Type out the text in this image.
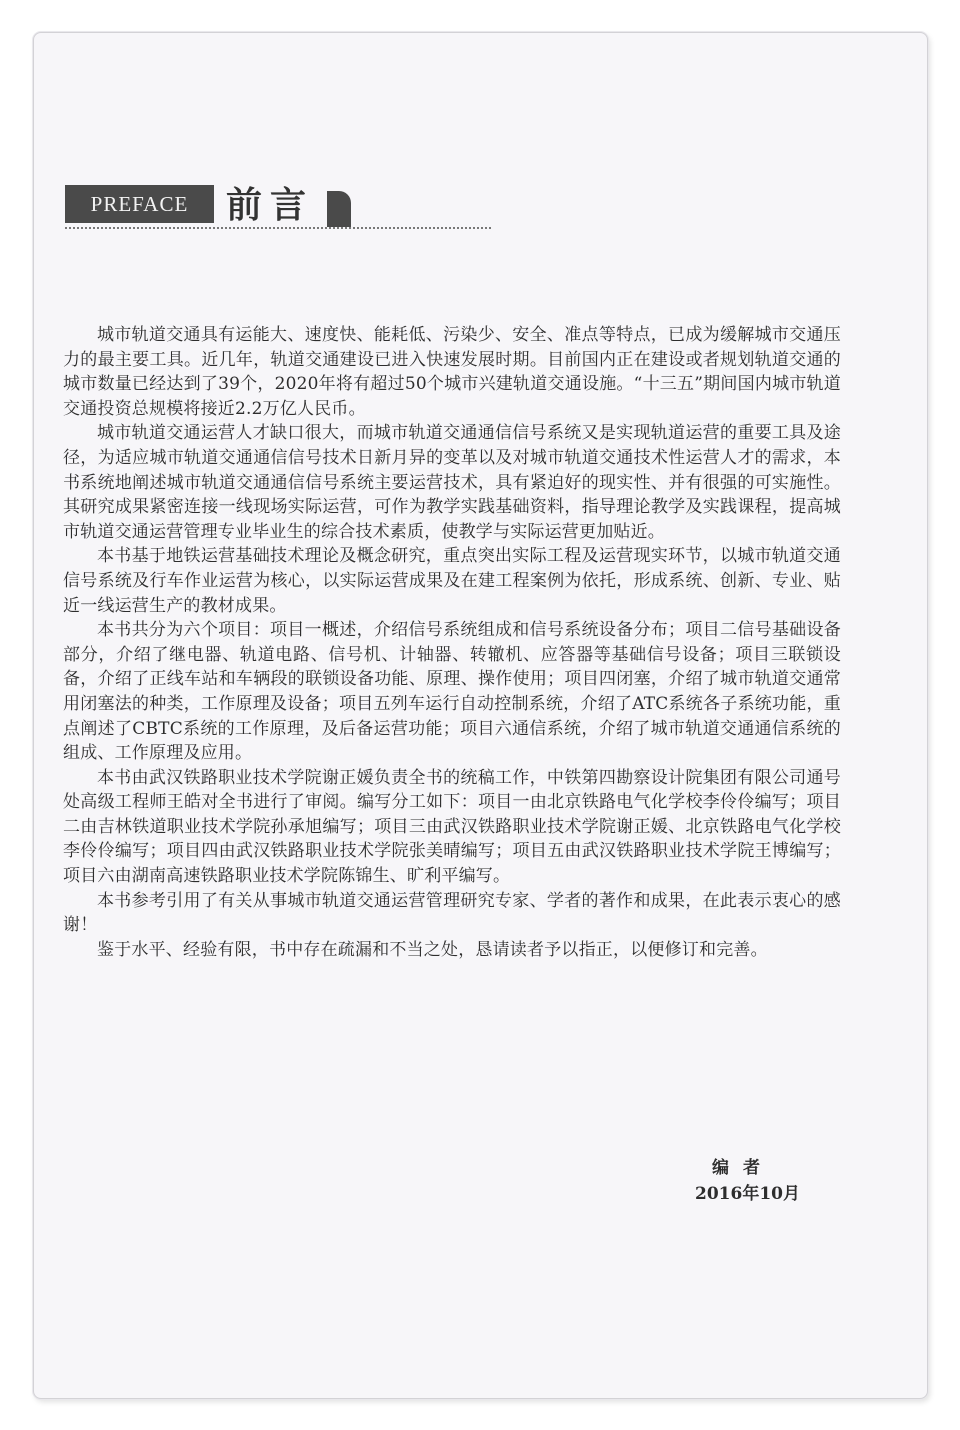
PREFACE	前言

城市轨道交通具有运能大、速度快、能耗低、污染少、安全、准点等特点，已成为缓解城市交通压力的最主要工具。近几年，轨道交通建设已进入快速发展时期。目前国内正在建设或者规划轨道交通的城市数量已经达到了39个，2020年将有超过50个城市兴建轨道交通设施。“十三五”期间国内城市轨道交通投资总规模将接近2.2万亿人民币。

城市轨道交通运营人才缺口很大，而城市轨道交通通信信号系统又是实现轨道运营的重要工具及途径，为适应城市轨道交通通信信号技术日新月异的变革以及对城市轨道交通技术性运营人才的需求，本书系统地阐述城市轨道交通通信信号系统主要运营技术，具有紧迫好的现实性、并有很强的可实施性。其研究成果紧密连接一线现场实际运营，可作为教学实践基础资料，指导理论教学及实践课程，提高城市轨道交通运营管理专业毕业生的综合技术素质，使教学与实际运营更加贴近。

本书基于地铁运营基础技术理论及概念研究，重点突出实际工程及运营现实环节，以城市轨道交通信号系统及行车作业运营为核心，以实际运营成果及在建工程案例为依托，形成系统、创新、专业、贴近一线运营生产的教材成果。

本书共分为六个项目：项目一概述，介绍信号系统组成和信号系统设备分布；项目二信号基础设备部分，介绍了继电器、轨道电路、信号机、计轴器、转辙机、应答器等基础信号设备；项目三联锁设备，介绍了正线车站和车辆段的联锁设备功能、原理、操作使用；项目四闭塞，介绍了城市轨道交通常用闭塞法的种类，工作原理及设备；项目五列车运行自动控制系统，介绍了ATC系统各子系统功能，重点阐述了CBTC系统的工作原理，及后备运营功能；项目六通信系统，介绍了城市轨道交通通信系统的组成、工作原理及应用。

本书由武汉铁路职业技术学院谢正媛负责全书的统稿工作，中铁第四勘察设计院集团有限公司通号处高级工程师王皓对全书进行了审阅。编写分工如下：项目一由北京铁路电气化学校李伶伶编写；项目二由吉林铁道职业技术学院孙承旭编写；项目三由武汉铁路职业技术学院谢正媛、北京铁路电气化学校李伶伶编写；项目四由武汉铁路职业技术学院张美晴编写；项目五由武汉铁路职业技术学院王博编写；项目六由湖南高速铁路职业技术学院陈锦生、旷利平编写。

本书参考引用了有关从事城市轨道交通运营管理研究专家、学者的著作和成果，在此表示衷心的感谢！

鉴于水平、经验有限，书中存在疏漏和不当之处，恳请读者予以指正，以便修订和完善。

编者
2016年10月
